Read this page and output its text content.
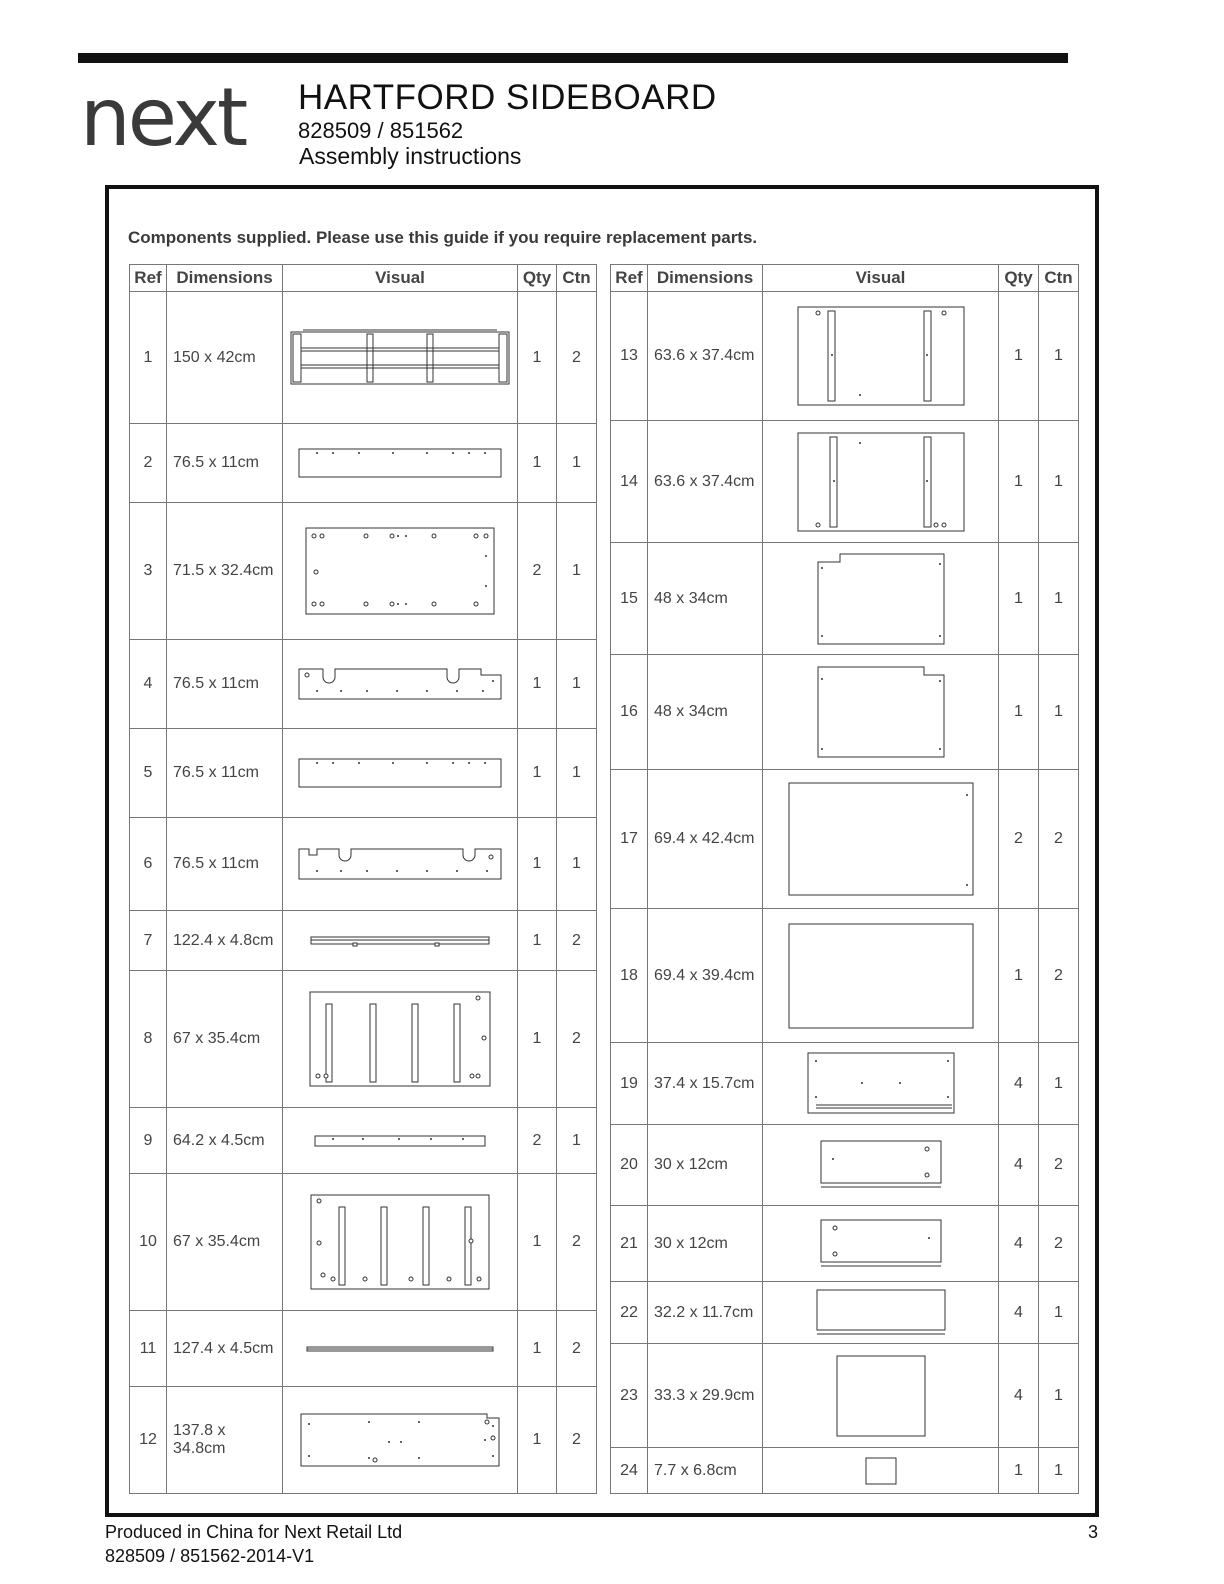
next HARTFORD SIDEBOARD
828509 / 851562
Assembly instructions
Components supplied. Please use this guide if you require replacement parts.
Ref	Dimensions	Visual	Qty	Ctn
1	150 x 42cm		1	2
2	76.5 x 11cm		1	1
3	71.5 x 32.4cm		2	1
4	76.5 x 11cm		1	1
5	76.5 x 11cm		1	1
6	76.5 x 11cm		1	1
7	122.4 x 4.8cm		1	2
8	67 x 35.4cm		1	2
9	64.2 x 4.5cm		2	1
10	67 x 35.4cm		1	2
11	127.4 x 4.5cm		1	2
12	137.8 x 34.8cm		1	2
Ref	Dimensions	Visual	Qty	Ctn
13	63.6 x 37.4cm		1	1
14	63.6 x 37.4cm		1	1
15	48 x 34cm		1	1
16	48 x 34cm		1	1
17	69.4 x 42.4cm		2	2
18	69.4 x 39.4cm		1	2
19	37.4 x 15.7cm		4	1
20	30 x 12cm		4	2
21	30 x 12cm		4	2
22	32.2 x 11.7cm		4	1
23	33.3 x 29.9cm		4	1
24	7.7 x 6.8cm		1	1
Produced in China for Next Retail Ltd
828509 / 851562-2014-V1
3
